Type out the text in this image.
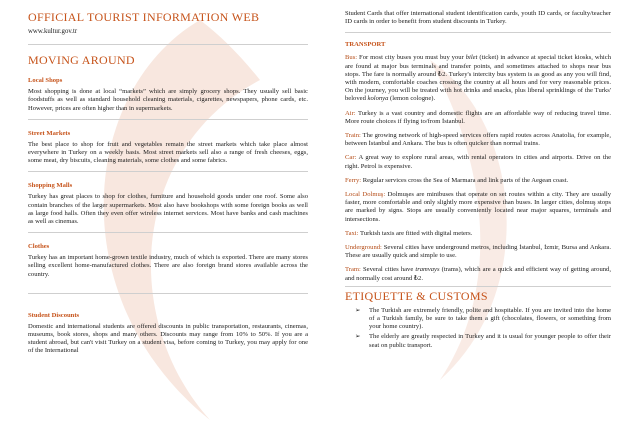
OFFICIAL TOURIST INFORMATION WEB

www.kultur.gov.tr

MOVING AROUND
Local Shops

Most shopping is done at local “markets” which are simply grocery shops. They usually sell basic foodstuffs as well as standard household cleaning materials, cigarettes, newspapers, phone cards, etc. However, prices are often higher than in supermarkets.

Street Markets

The best place to shop for fruit and vegetables remain the street markets which take place almost everywhere in Turkey on a weekly basis. Most street markets sell also a range of fresh cheeses, eggs, some meat, dry biscuits, cleaning materials, some clothes and some fabrics.

Shopping Malls

Turkey has great places to shop for clothes, furniture and household goods under one roof. Some also contain branches of the larger supermarkets. Most also have bookshops with some foreign books as well as large food halls. Often they even offer wireless internet services. Most have banks and cash machines as well as cinemas.

Clothes

Turkey has an important home-grown textile industry, much of which is exported. There are many stores selling excellent home-manufactured clothes. There are also foreign brand stores available across the country.

Student Discounts

Domestic and international students are offered discounts in public transportation, restaurants, cinemas, museums, book stores, shops and many others. Discounts may range from 10% to 50%. If you are a student abroad, but can't visit Turkey on a student visa, before coming to Turkey, you may apply for one of the International

Student Cards that offer international student identification cards, youth ID cards, or faculty/teacher ID cards in order to benefit from student discounts in Turkey.

TRANSPORT

Bus: For most city buses you must buy your bilet (ticket) in advance at special ticket kiosks, which are found at major bus terminals and transfer points, and sometimes attached to shops near bus stops. The fare is normally around ₺2. Turkey's intercity bus system is as good as any you will find, with modern, comfortable coaches crossing the country at all hours and for very reasonable prices. On the journey, you will be treated with hot drinks and snacks, plus liberal sprinklings of the Turks' beloved kolonya (lemon cologne).

Air: Turkey is a vast country and domestic flights are an affordable way of reducing travel time. More route choices if flying to/from İstanbul.

Train: The growing network of high-speed services offers rapid routes across Anatolia, for example, between İstanbul and Ankara. The bus is often quicker than normal trains.

Car: A great way to explore rural areas, with rental operators in cities and airports. Drive on the right. Petrol is expensive.

Ferry: Regular services cross the Sea of Marmara and link parts of the Aegean coast.

Local Dolmuş: Dolmuşes are minibuses that operate on set routes within a city. They are usually faster, more comfortable and only slightly more expensive than buses. In larger cities, dolmuş stops are marked by signs. Stops are usually conveniently located near major squares, terminals and intersections.

Taxi: Turkish taxis are fitted with digital meters.

Underground: Several cities have underground metros, including İstanbul, İzmir, Bursa and Ankara. These are usually quick and simple to use.

Tram: Several cities have tramvays (trams), which are a quick and efficient way of getting around, and normally cost around ₺2.

ETIQUETTE & CUSTOMS
➢ The Turkish are extremely friendly, polite and hospitable. If you are invited into the home of a Turkish family, be sure to take them a gift (chocolates, flowers, or something from your home country).
➢ The elderly are greatly respected in Turkey and it is usual for younger people to offer their seat on public transport.
